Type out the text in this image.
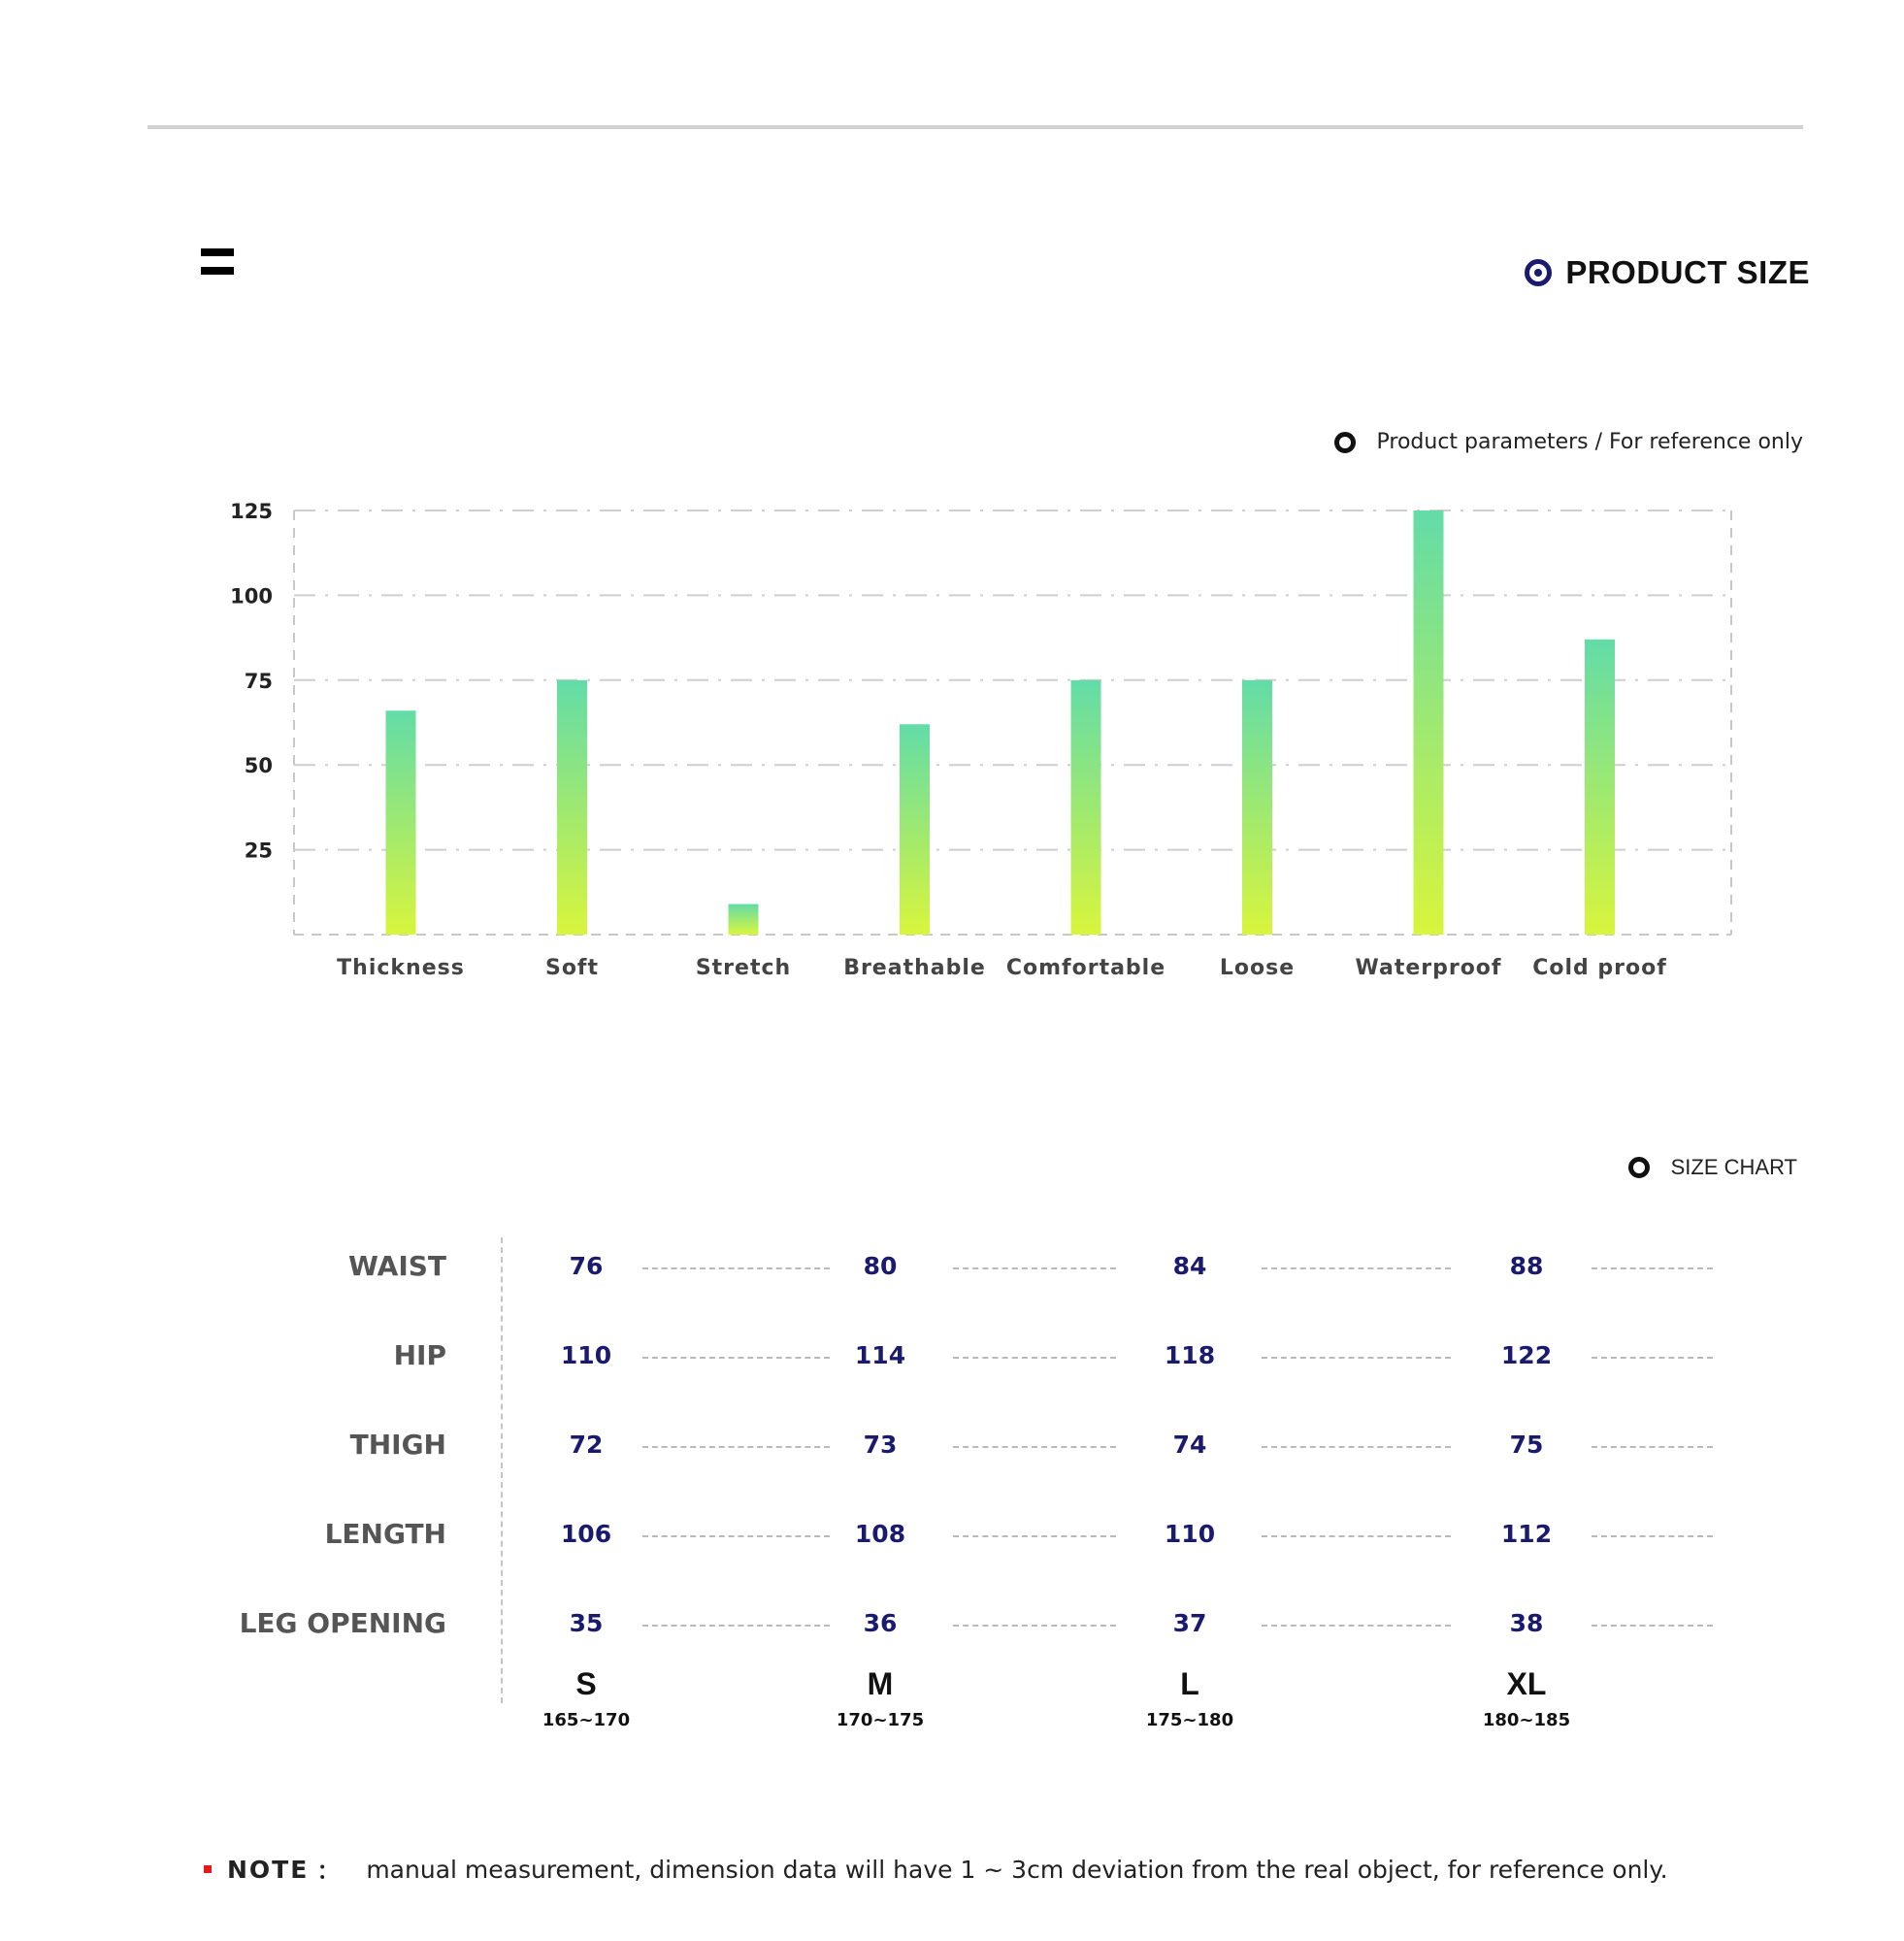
PRODUCT SIZE
Product parameters / For reference only
25
50
75
100
125
Thickness	Soft	Stretch Breathable Comfortable	Loose	Waterproof Cold proof
SIZE CHART
WAIST	76	80	84	88
HIP	110	114	118	122
THIGH	72	73	74	75
LENGTH	106	108	110	112
LEG OPENING	35	36	37	38
S
165~170
M
170~175
L
175~180
XL
180~185
NOTE ： manual measurement, dimension data will have 1 ~ 3cm deviation from the real object, for reference only.
